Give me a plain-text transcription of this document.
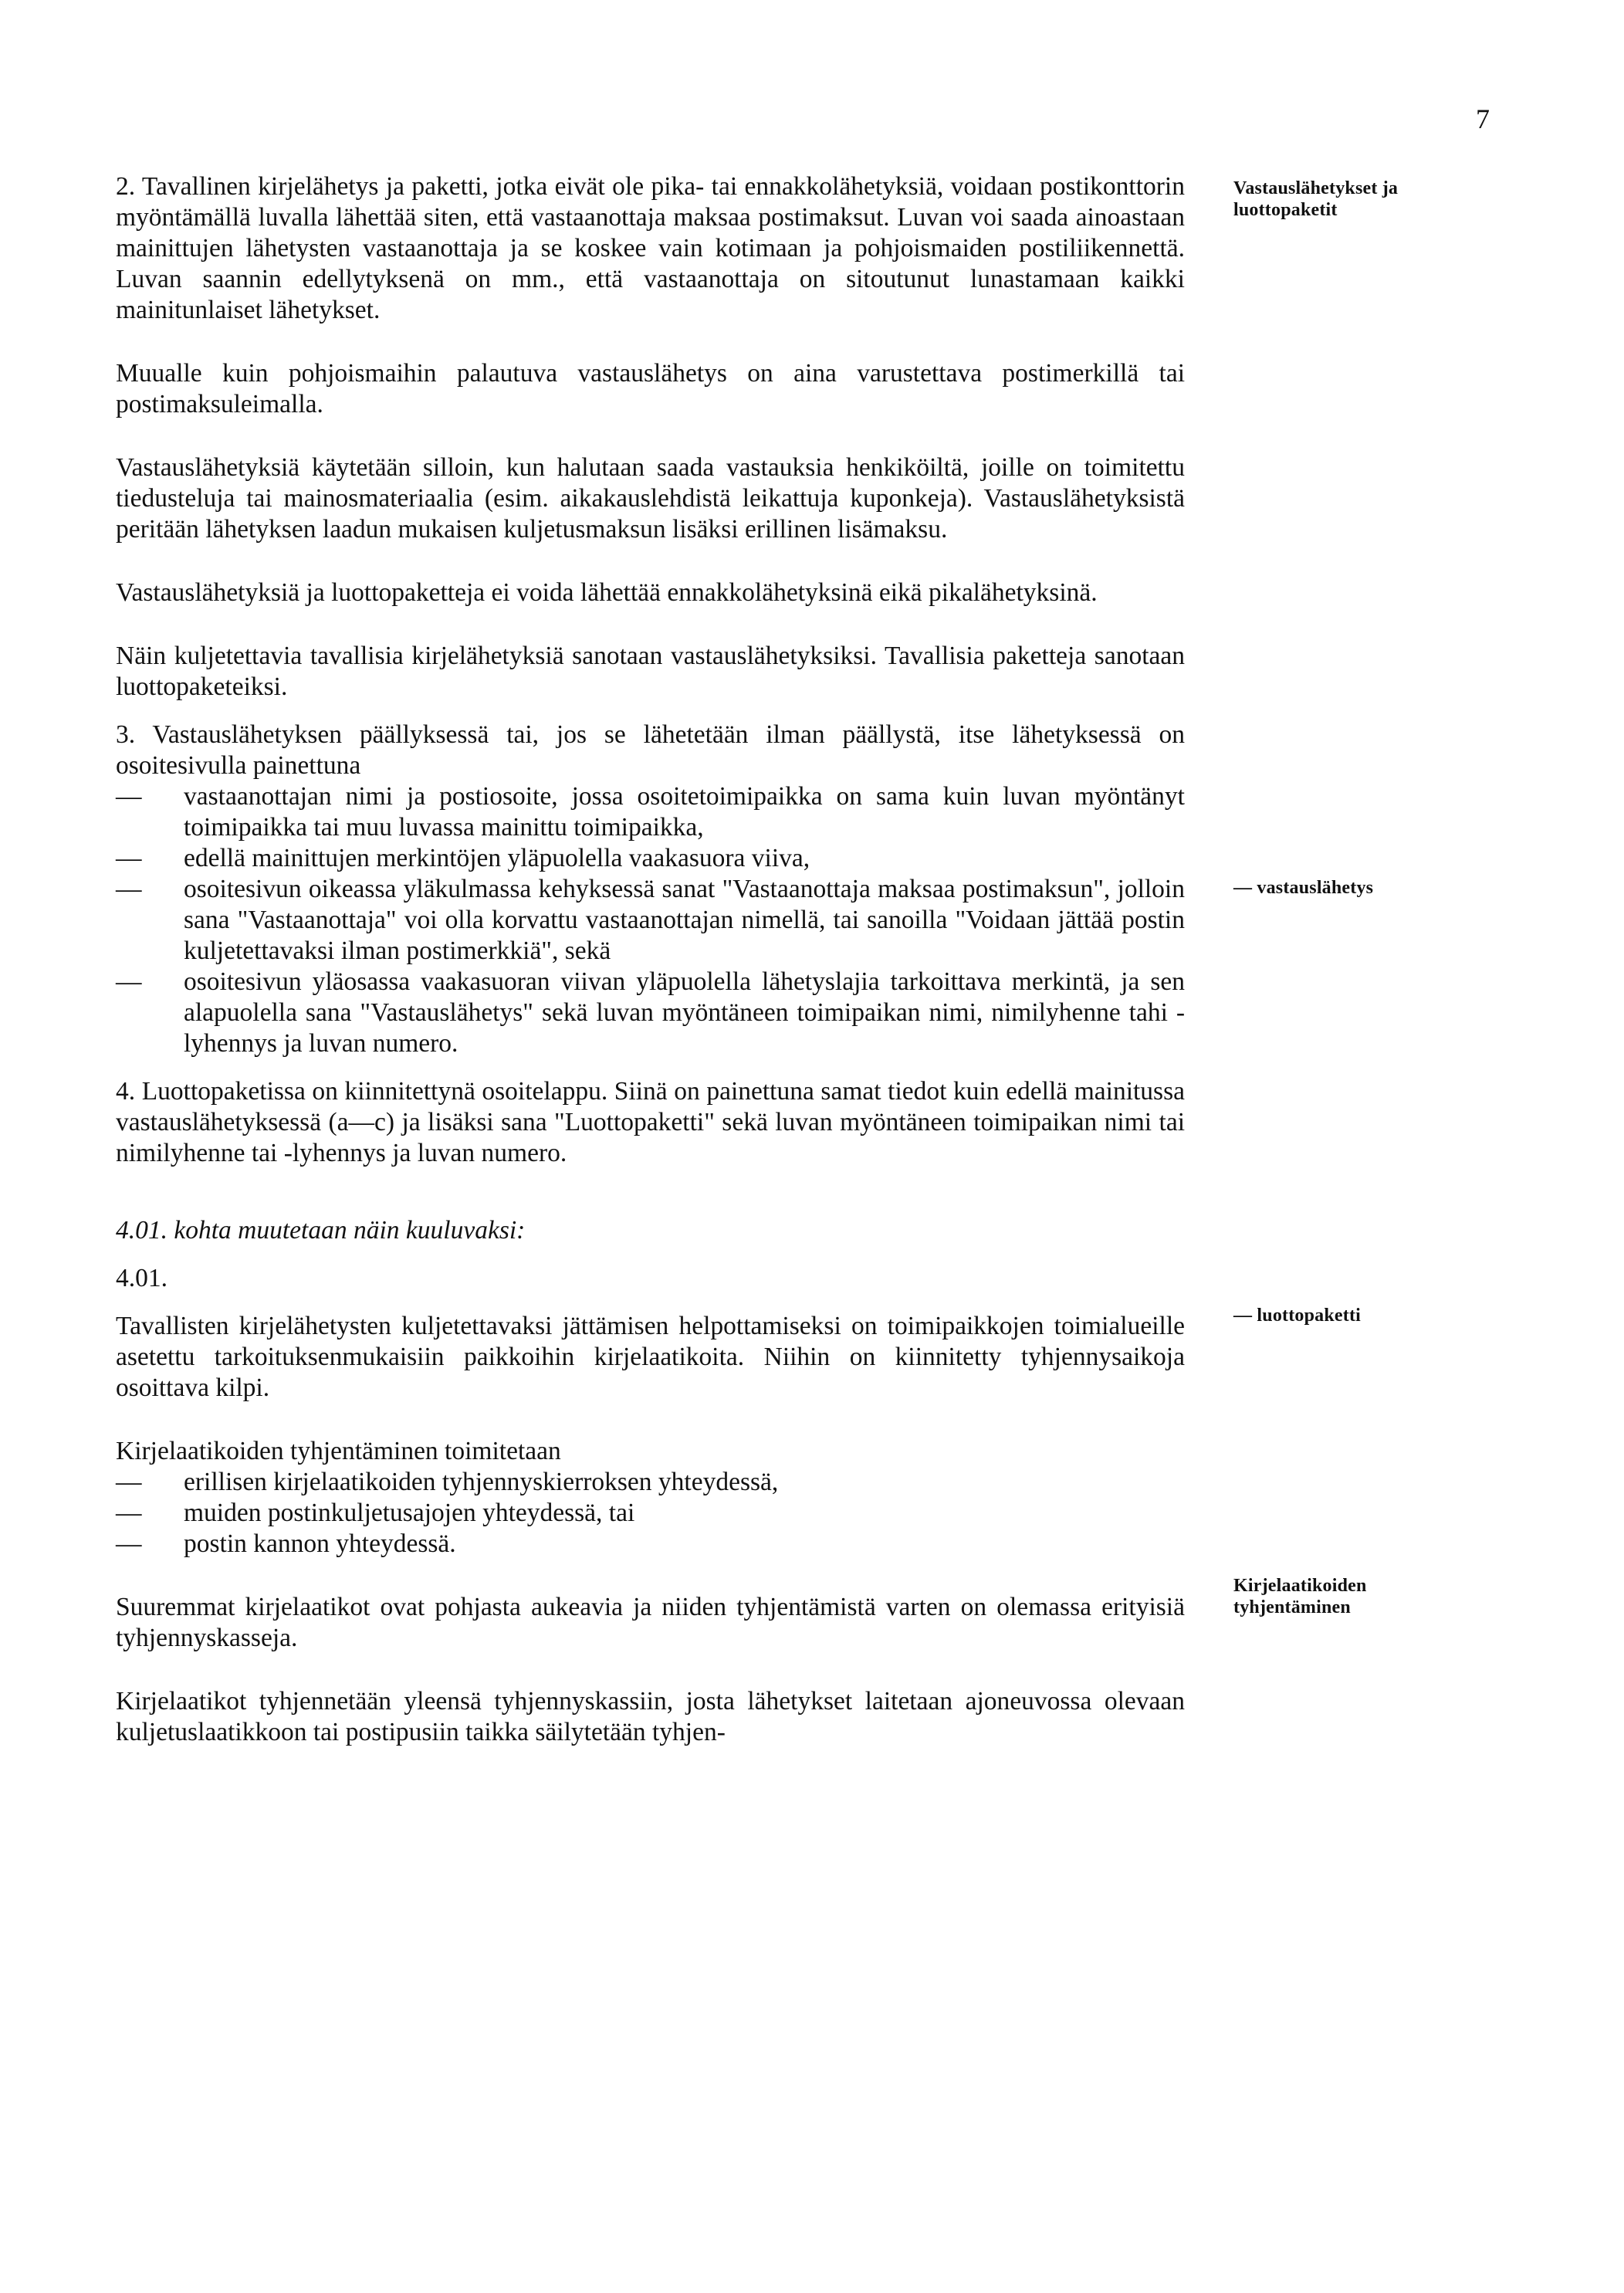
7
Vastauslähetykset ja luottopaketit
— vastauslähetys
— luottopaketti
Kirjelaatikoiden tyhjentäminen

2. Tavallinen kirjelähetys ja paketti, jotka eivät ole pika- tai ennakkolähetyksiä, voidaan postikonttorin myöntämällä luvalla lähettää siten, että vastaanottaja maksaa postimaksut. Luvan voi saada ainoastaan mainittujen lähetysten vastaanottaja ja se koskee vain kotimaan ja pohjoismaiden postiliikennettä. Luvan saannin edellytyksenä on mm., että vastaanottaja on sitoutunut lunastamaan kaikki mainitunlaiset lähetykset.

Muualle kuin pohjoismaihin palautuva vastauslähetys on aina varustettava postimerkillä tai postimaksuleimalla.

Vastauslähetyksiä käytetään silloin, kun halutaan saada vastauksia henkiköiltä, joille on toimitettu tiedusteluja tai mainosmateriaalia (esim. aikakauslehdistä leikattuja kuponkeja). Vastauslähetyksistä peritään lähetyksen laadun mukaisen kuljetusmaksun lisäksi erillinen lisämaksu.

Vastauslähetyksiä ja luottopaketteja ei voida lähettää ennakkolähetyksinä eikä pikalähetyksinä.

Näin kuljetettavia tavallisia kirjelähetyksiä sanotaan vastauslähetyksiksi. Tavallisia paketteja sanotaan luottopaketeiksi.

3. Vastauslähetyksen päällyksessä tai, jos se lähetetään ilman päällystä, itse lähetyksessä on osoitesivulla painettuna

—	vastaanottajan nimi ja postiosoite, jossa osoitetoimipaikka on sama kuin luvan myöntänyt toimipaikka tai muu luvassa mainittu toimipaikka,
—	edellä mainittujen merkintöjen yläpuolella vaakasuora viiva,
—	osoitesivun oikeassa yläkulmassa kehyksessä sanat "Vastaanottaja maksaa postimaksun", jolloin sana "Vastaanottaja" voi olla korvattu vastaanottajan nimellä, tai sanoilla "Voidaan jättää postin kuljetettavaksi ilman postimerkkiä", sekä
—	osoitesivun yläosassa vaakasuoran viivan yläpuolella lähetyslajia tarkoittava merkintä, ja sen alapuolella sana "Vastauslähetys" sekä luvan myöntäneen toimipaikan nimi, nimilyhenne tahi -lyhennys ja luvan numero.

4. Luottopaketissa on kiinnitettynä osoitelappu. Siinä on painettuna samat tiedot kuin edellä mainitussa vastauslähetyksessä (a—c) ja lisäksi sana "Luottopaketti" sekä luvan myöntäneen toimipaikan nimi tai nimilyhenne tai -lyhennys ja luvan numero.

4.01. kohta muutetaan näin kuuluvaksi:

4.01.

Tavallisten kirjelähetysten kuljetettavaksi jättämisen helpottamiseksi on toimipaikkojen toimialueille asetettu tarkoituksenmukaisiin paikkoihin kirjelaatikoita. Niihin on kiinnitetty tyhjennysaikoja osoittava kilpi.

Kirjelaatikoiden tyhjentäminen toimitetaan

—	erillisen kirjelaatikoiden tyhjennyskierroksen yhteydessä,
—	muiden postinkuljetusajojen yhteydessä, tai
—	postin kannon yhteydessä.

Suuremmat kirjelaatikot ovat pohjasta aukeavia ja niiden tyhjentämistä varten on olemassa erityisiä tyhjennyskasseja.

Kirjelaatikot tyhjennetään yleensä tyhjennyskassiin, josta lähetykset laitetaan ajoneuvossa olevaan kuljetuslaatikkoon tai postipusiin taikka säilytetään tyhjen-
